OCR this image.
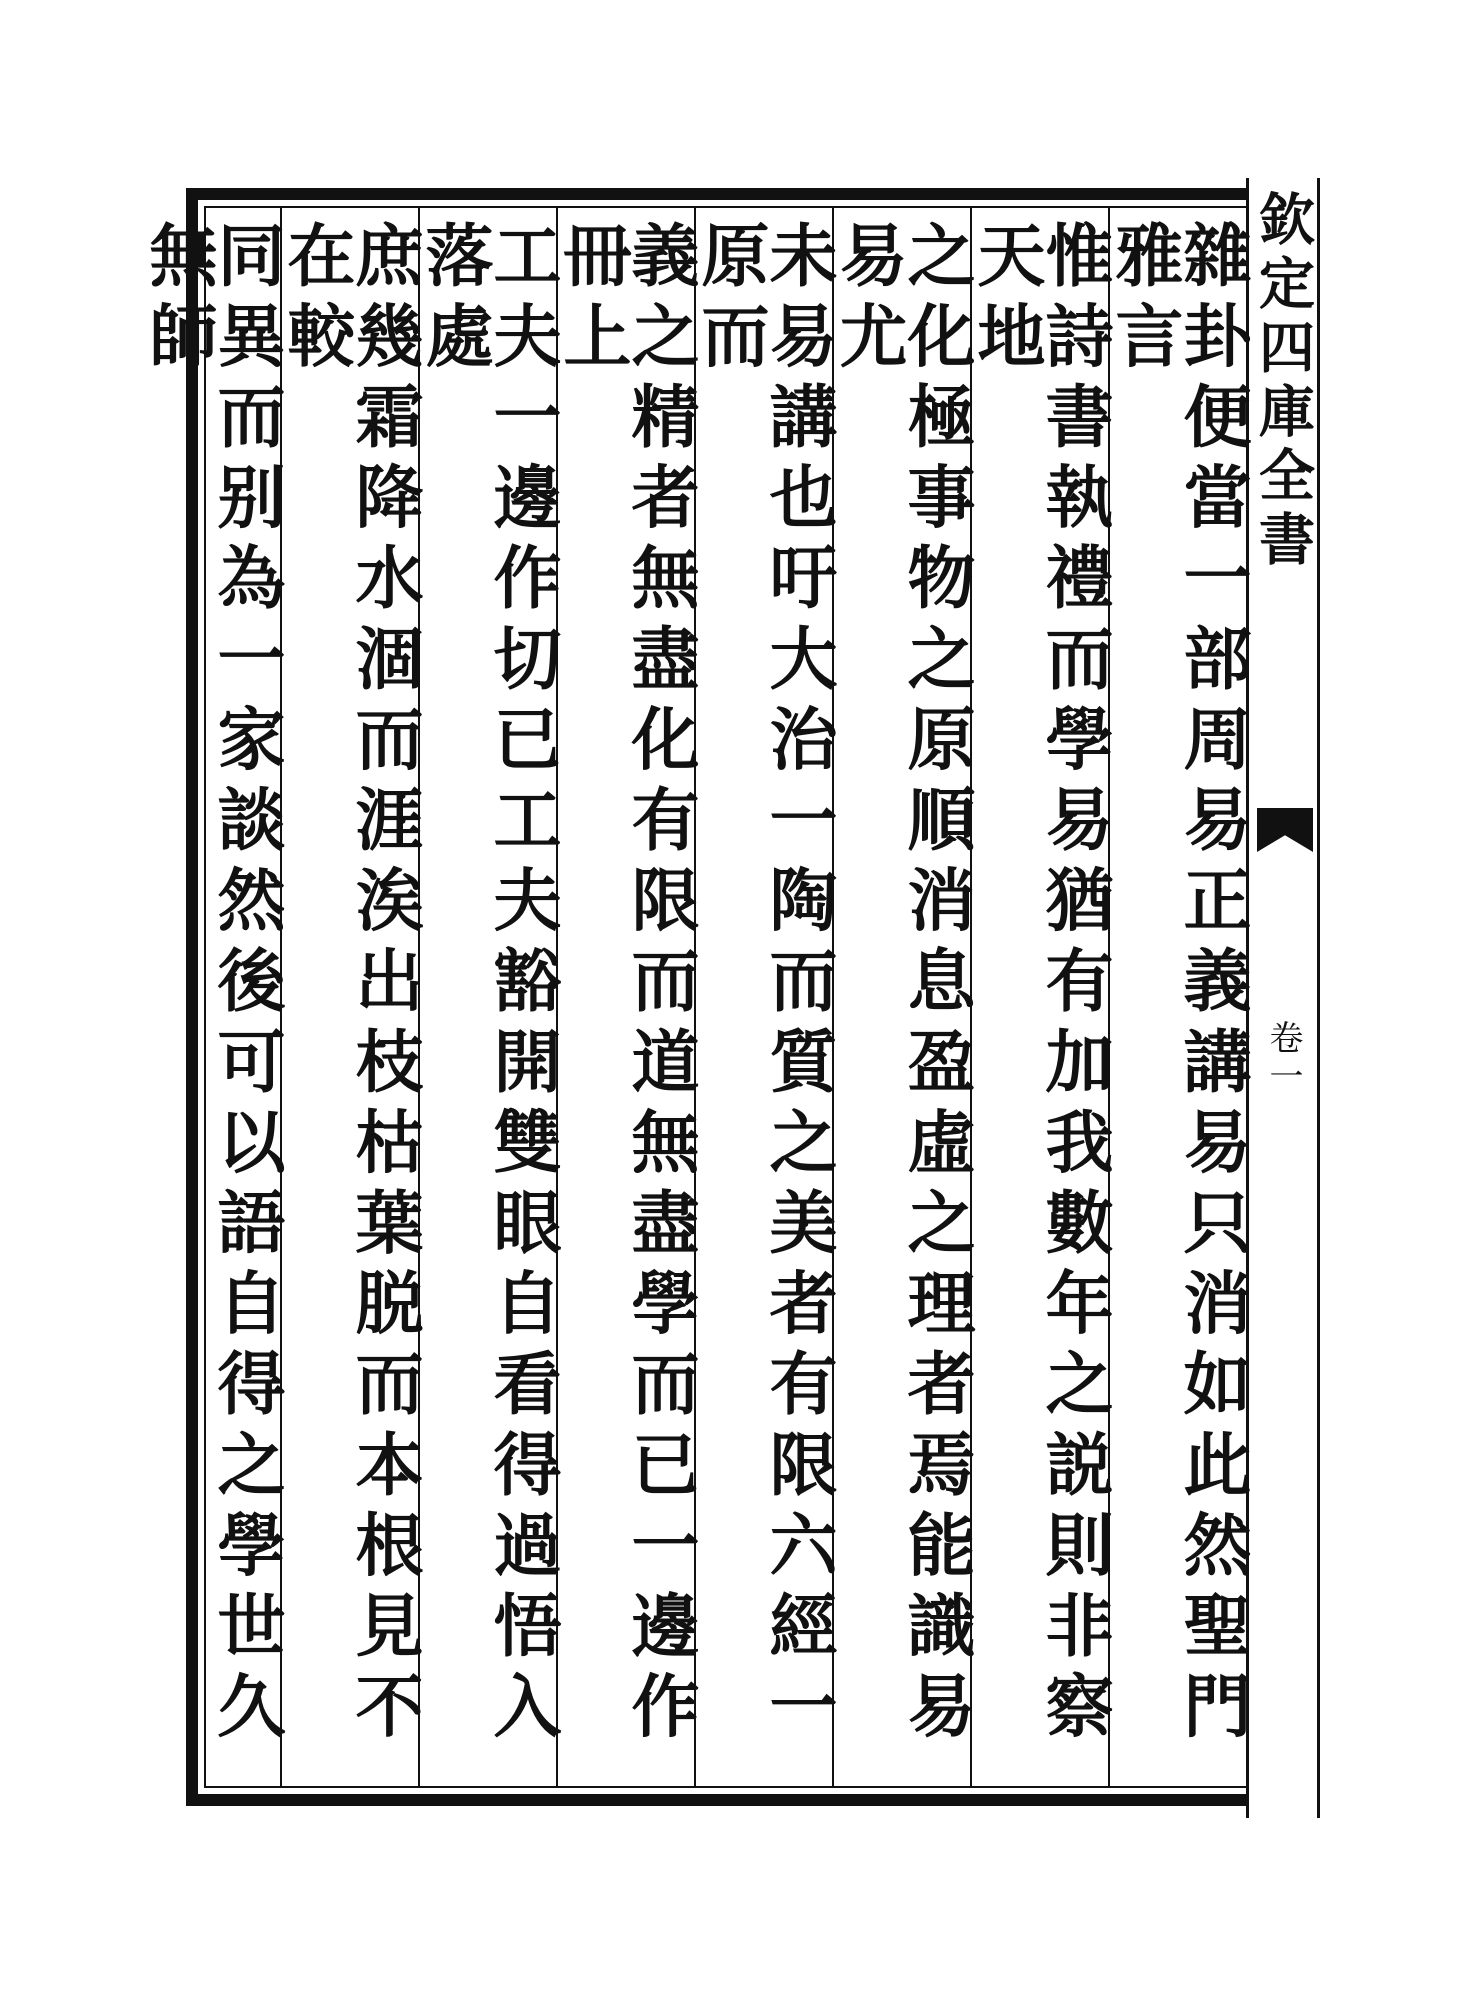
雜卦便當一部周易正義講易只消如此然聖門雅言
惟詩書執禮而學易猶有加我數年之説則非察天地
之化極事物之原順消息盈虛之理者焉能識易易尤
未易講也吁大治一陶而質之美者有限六經一原而
義之精者無盡化有限而道無盡學而已一邊作冊上
工夫一邊作切已工夫豁開雙眼自看得過悟入落處
庶幾霜降水涸而涯涘出枝枯葉脱而本根見不在較
同異而别為一家談然後可以語自得之學世久無師	欽定四庫全書
卷一
